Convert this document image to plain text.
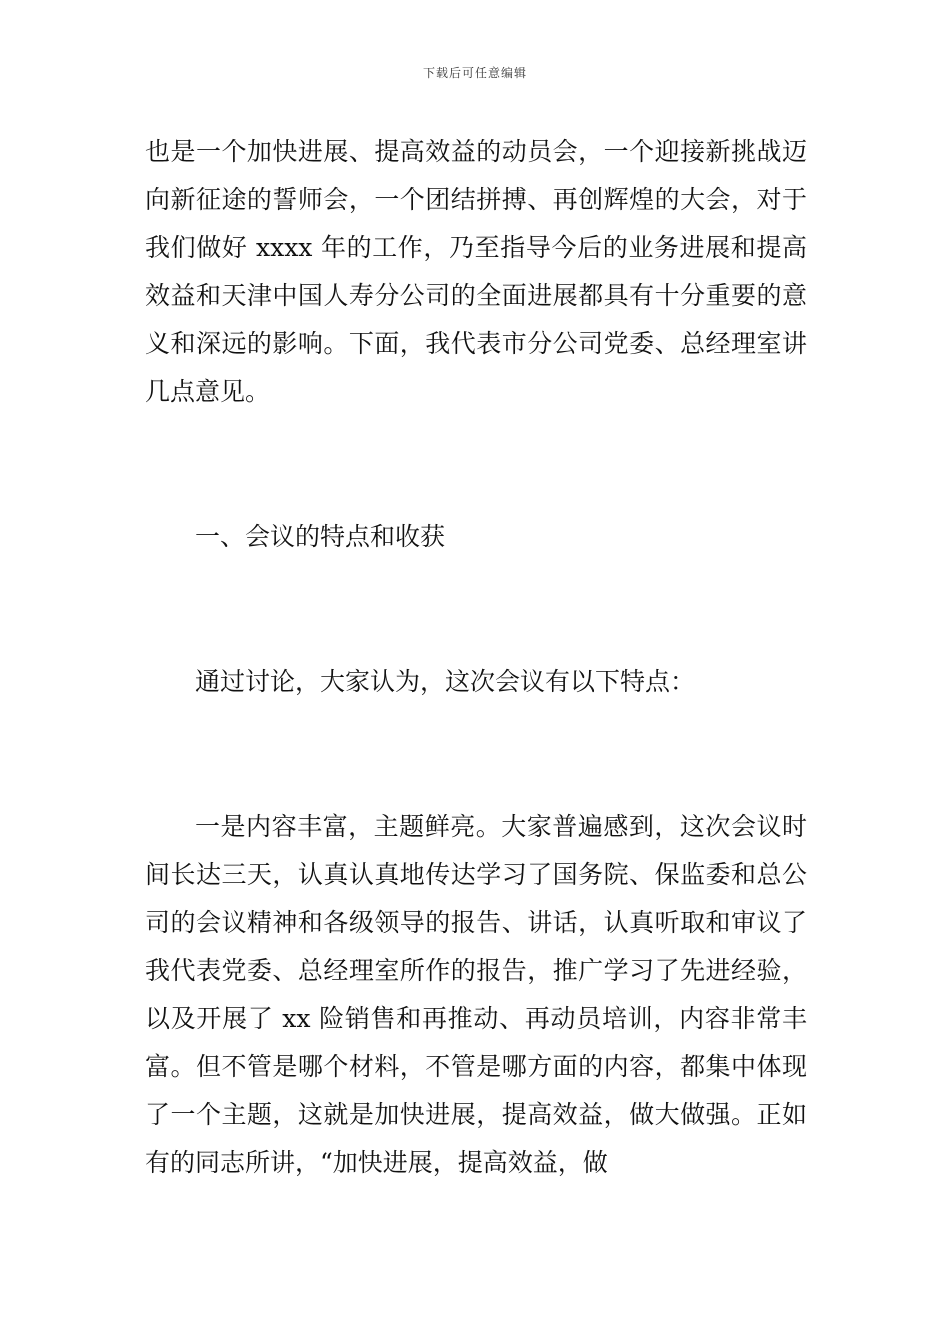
下载后可任意编辑

也是一个加快进展、提高效益的动员会，一个迎接新挑战迈向新征途的誓师会，一个团结拼搏、再创辉煌的大会，对于我们做好 xxxx 年的工作，乃至指导今后的业务进展和提高效益和天津中国人寿分公司的全面进展都具有十分重要的意义和深远的影响。下面，我代表市分公司党委、总经理室讲几点意见。

一、会议的特点和收获

通过讨论，大家认为，这次会议有以下特点：

一是内容丰富，主题鲜亮。大家普遍感到，这次会议时间长达三天，认真认真地传达学习了国务院、保监委和总公司的会议精神和各级领导的报告、讲话，认真听取和审议了我代表党委、总经理室所作的报告，推广学习了先进经验，以及开展了 xx 险销售和再推动、再动员培训，内容非常丰富。但不管是哪个材料，不管是哪方面的内容，都集中体现了一个主题，这就是加快进展，提高效益，做大做强。正如有的同志所讲，“加快进展，提高效益，做
